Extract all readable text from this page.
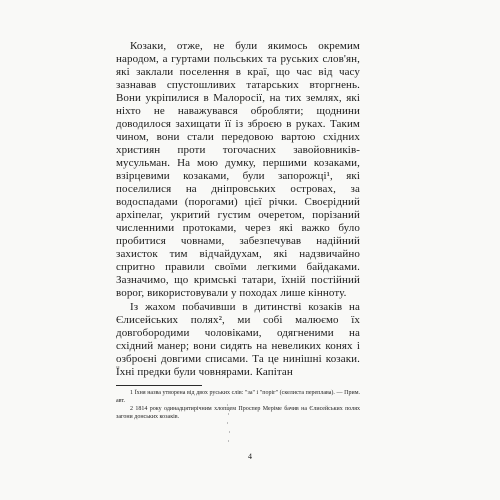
Козаки, отже, не були якимось окремим народом, а гуртами польських та руських слов'ян, які заклали поселення в краї, що час від часу зазнавав спустошливих татарських вторгнень. Вони укріпилися в Малоросії, на тих землях, які ніхто не наважувався обробляти; щоднини доводилося захищати її із зброєю в руках. Таким чином, вони стали передовою вартою східних християн проти тогочасних завойовників-мусульман. На мою думку, першими козаками, взірцевими козаками, були запорожці¹, які поселилися на дніпровських островах, за водоспадами (порогами) цієї річки. Своєрідний архіпелаг, укритий густим очеретом, порізаний численними протоками, через які важко було пробитися човнами, забезпечував надійний захисток тим відчайдухам, які надзвичайно спритно правили своїми легкими байдаками. Зазначимо, що кримські татари, їхній постійний ворог, використовували у походах лише кінноту.

Із жахом побачивши в дитинстві козаків на Єлисейських полях², ми собі малюємо їх довгобородими чоловіками, одягненими на східний манер; вони сидять на невеликих конях і озброєні довгими списами. Та це нинішні козаки. Їхні предки були човнярами. Капітан

1 Їхня назва утворена від двох руських слів: "за" і "поріг" (скелиста переплава). — Прим. авт.

2 1814 року одинадцятирічним хлопцем Проспер Меріме бачив на Єлисейських полях загони донських козаків.

4
